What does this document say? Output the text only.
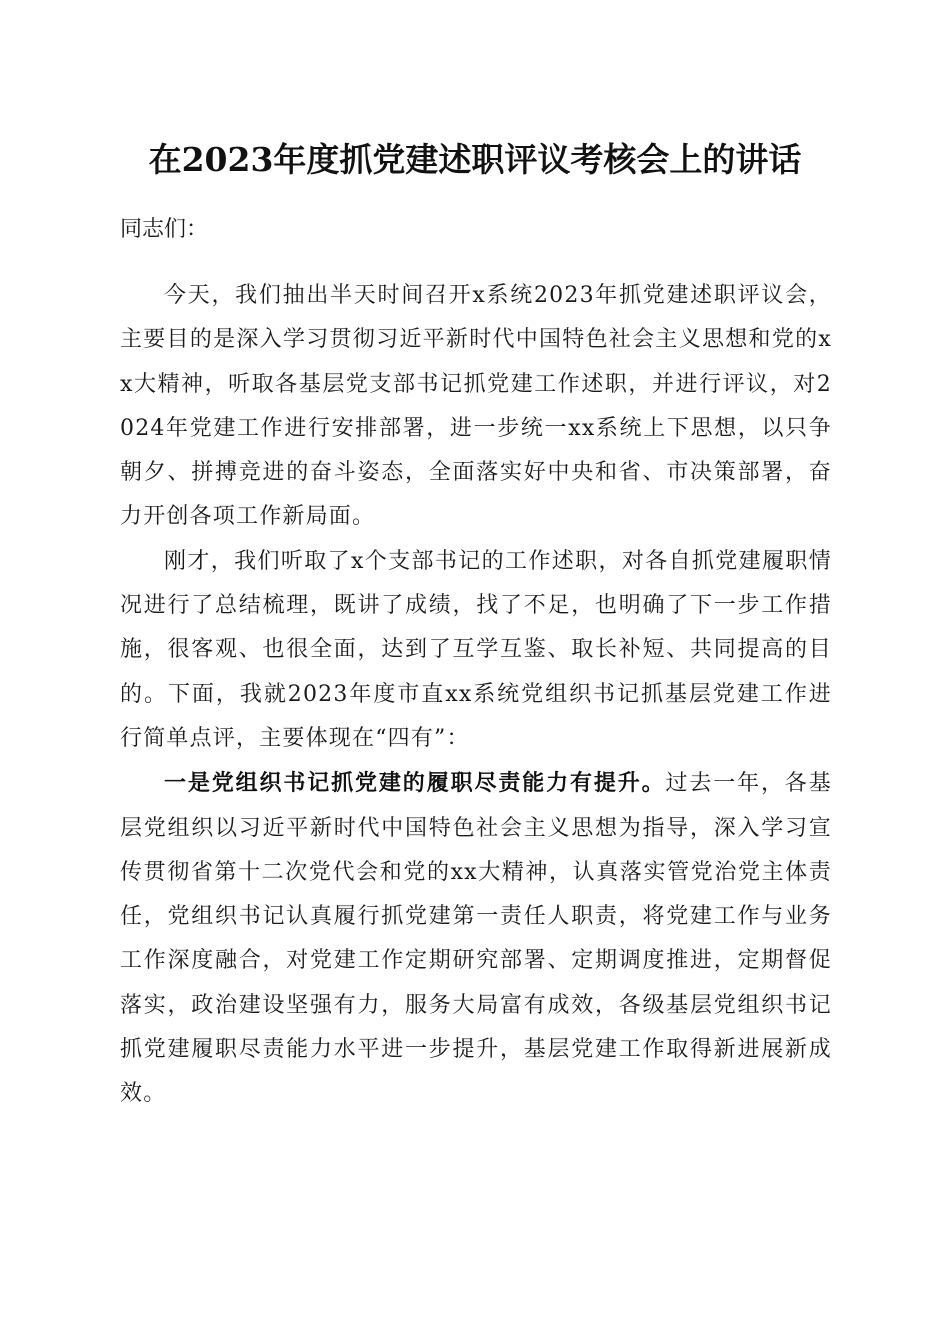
在2023年度抓党建述职评议考核会上的讲话

同志们：

今天，我们抽出半天时间召开x系统2023年抓党建述职评议会，主要目的是深入学习贯彻习近平新时代中国特色社会主义思想和党的xx大精神，听取各基层党支部书记抓党建工作述职，并进行评议，对2024年党建工作进行安排部署，进一步统一xx系统上下思想，以只争朝夕、拼搏竞进的奋斗姿态，全面落实好中央和省、市决策部署，奋力开创各项工作新局面。

刚才，我们听取了x个支部书记的工作述职，对各自抓党建履职情况进行了总结梳理，既讲了成绩，找了不足，也明确了下一步工作措施，很客观、也很全面，达到了互学互鉴、取长补短、共同提高的目的。下面，我就2023年度市直xx系统党组织书记抓基层党建工作进行简单点评，主要体现在“四有”：

一是党组织书记抓党建的履职尽责能力有提升。过去一年，各基层党组织以习近平新时代中国特色社会主义思想为指导，深入学习宣传贯彻省第十二次党代会和党的xx大精神，认真落实管党治党主体责任，党组织书记认真履行抓党建第一责任人职责，将党建工作与业务工作深度融合，对党建工作定期研究部署、定期调度推进，定期督促落实，政治建设坚强有力，服务大局富有成效，各级基层党组织书记抓党建履职尽责能力水平进一步提升，基层党建工作取得新进展新成效。
